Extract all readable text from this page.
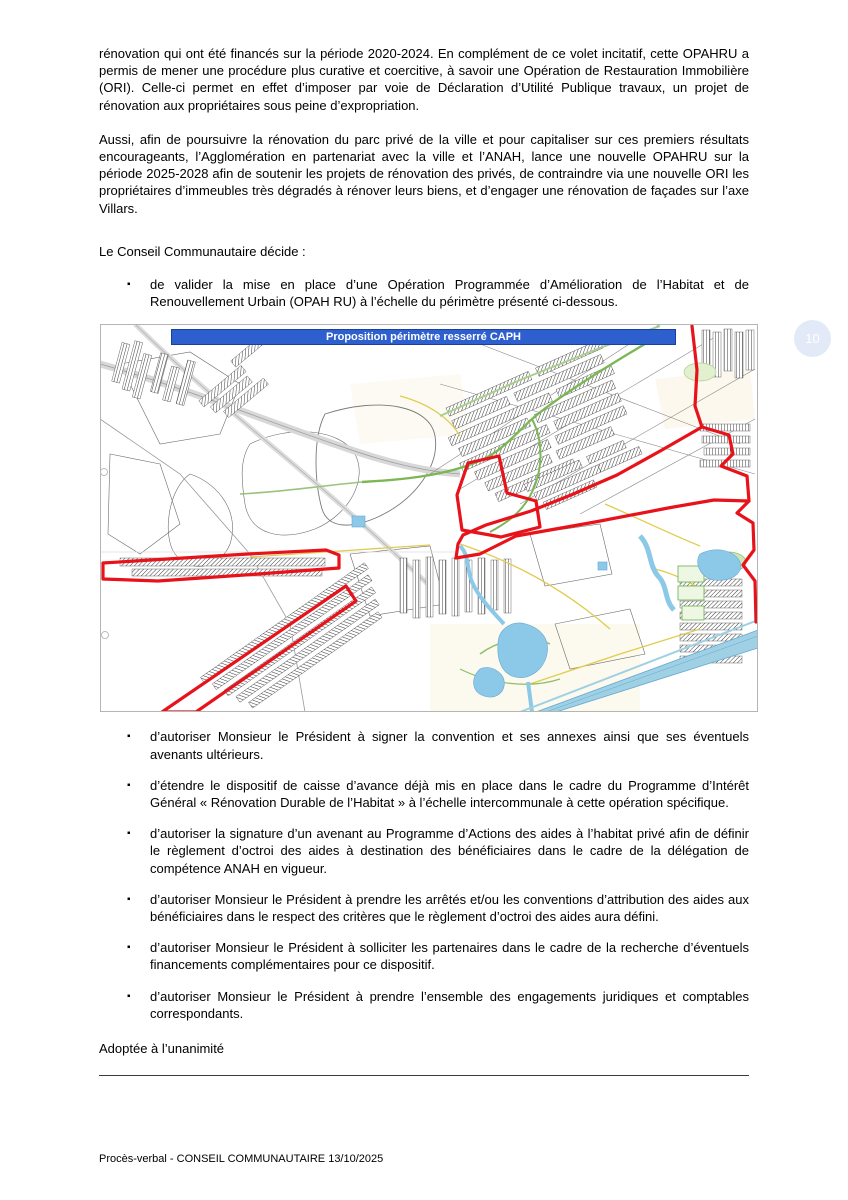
rénovation qui ont été financés sur la période 2020-2024. En complément de ce volet incitatif, cette OPAHRU a permis de mener une procédure plus curative et coercitive, à savoir une Opération de Restauration Immobilière (ORI). Celle-ci permet en effet d’imposer par voie de Déclaration d’Utilité Publique travaux, un projet de rénovation aux propriétaires sous peine d’expropriation.

Aussi, afin de poursuivre la rénovation du parc privé de la ville et pour capitaliser sur ces premiers résultats encourageants, l’Agglomération en partenariat avec la ville et l’ANAH, lance une nouvelle OPAHRU sur la période 2025-2028 afin de soutenir les projets de rénovation des privés, de contraindre via une nouvelle ORI les propriétaires d’immeubles très dégradés à rénover leurs biens, et d’engager une rénovation de façades sur l’axe Villars.

Le Conseil Communautaire décide :

▪	de valider la mise en place d’une Opération Programmée d’Amélioration de l’Habitat et de Renouvellement Urbain (OPAH RU) à l’échelle du périmètre présenté ci-dessous.
Proposition périmètre resserré CAPH
▪	d’autoriser Monsieur le Président à signer la convention et ses annexes ainsi que ses éventuels avenants ultérieurs.
▪	d’étendre le dispositif de caisse d’avance déjà mis en place dans le cadre du Programme d’Intérêt Général « Rénovation Durable de l’Habitat » à l’échelle intercommunale à cette opération spécifique.
▪	d’autoriser la signature d’un avenant au Programme d’Actions des aides à l’habitat privé afin de définir le règlement d’octroi des aides à destination des bénéficiaires dans le cadre de la délégation de compétence ANAH en vigueur.
▪	d’autoriser Monsieur le Président à prendre les arrêtés et/ou les conventions d’attribution des aides aux bénéficiaires dans le respect des critères que le règlement d’octroi des aides aura défini.
▪	d’autoriser Monsieur le Président à solliciter les partenaires dans le cadre de la recherche d’éventuels financements complémentaires pour ce dispositif.
▪	d’autoriser Monsieur le Président à prendre l’ensemble des engagements juridiques et comptables correspondants.

Adoptée à l’unanimité

10
Procès-verbal - CONSEIL COMMUNAUTAIRE 13/10/2025
